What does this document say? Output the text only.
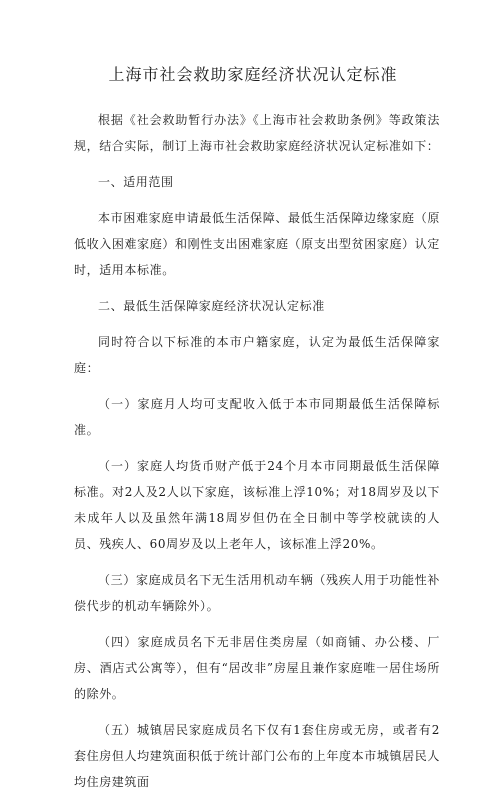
上海市社会救助家庭经济状况认定标准

根据《社会救助暂行办法》《上海市社会救助条例》等政策法规，结合实际，制订上海市社会救助家庭经济状况认定标准如下：

一、适用范围

本市困难家庭申请最低生活保障、最低生活保障边缘家庭（原低收入困难家庭）和刚性支出困难家庭（原支出型贫困家庭）认定时，适用本标准。

二、最低生活保障家庭经济状况认定标准

同时符合以下标准的本市户籍家庭，认定为最低生活保障家庭：

（一）家庭月人均可支配收入低于本市同期最低生活保障标准。

（一）家庭人均货币财产低于24个月本市同期最低生活保障标准。对2人及2人以下家庭，该标准上浮10%；对18周岁及以下未成年人以及虽然年满18周岁但仍在全日制中等学校就读的人员、残疾人、60周岁及以上老年人，该标准上浮20%。

（三）家庭成员名下无生活用机动车辆（残疾人用于功能性补偿代步的机动车辆除外）。

（四）家庭成员名下无非居住类房屋（如商铺、办公楼、厂房、酒店式公寓等），但有“居改非”房屋且兼作家庭唯一居住场所的除外。

（五）城镇居民家庭成员名下仅有1套住房或无房，或者有2套住房但人均建筑面积低于统计部门公布的上年度本市城镇居民人均住房建筑面
